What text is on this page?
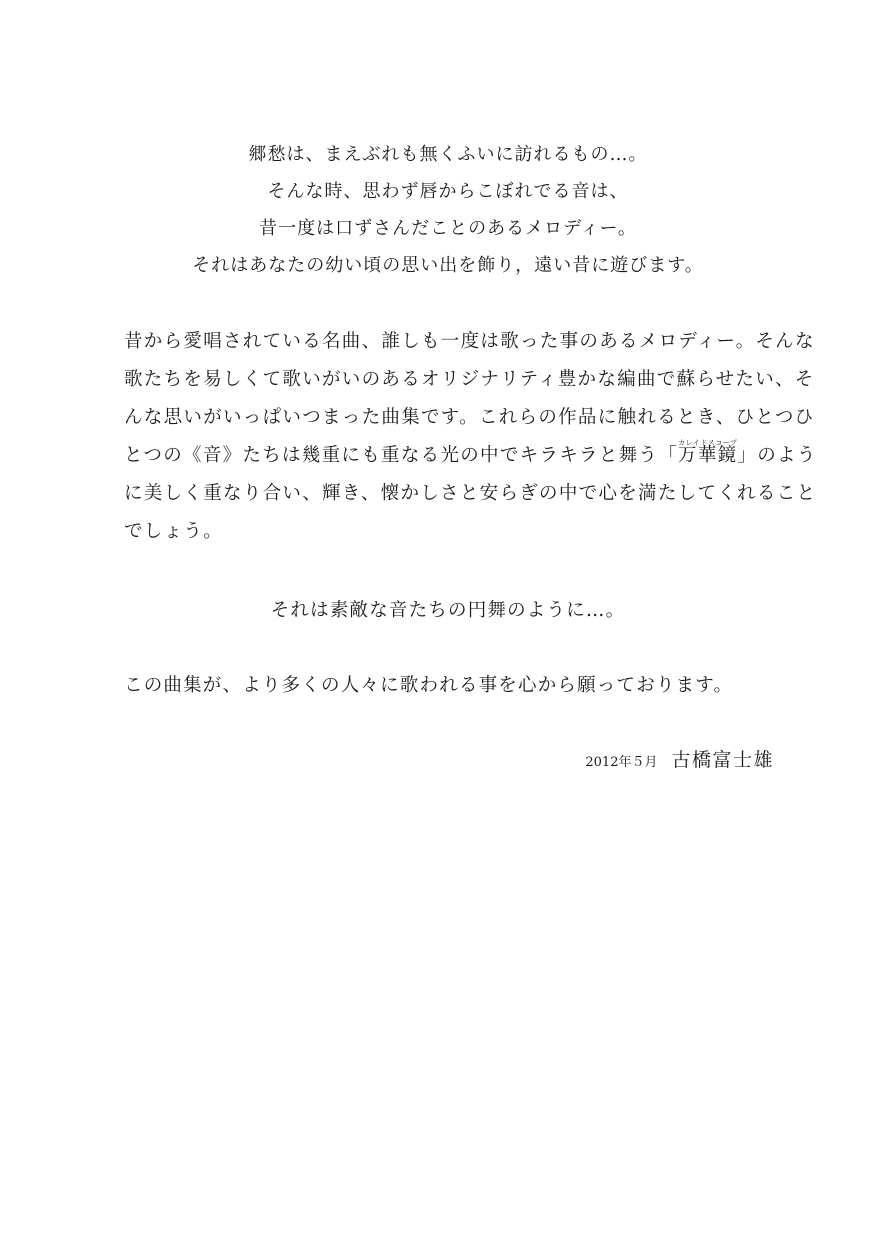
郷愁は、まえぶれも無くふいに訪れるもの…。
そんな時、思わず唇からこぼれでる音は、
昔一度は口ずさんだことのあるメロディー。
それはあなたの幼い頃の思い出を飾り，遠い昔に遊びます。
昔から愛唱されている名曲、誰しも一度は歌った事のあるメロディー。そんな
歌たちを易しくて歌いがいのあるオリジナリティ豊かな編曲で蘇らせたい、そ
んな思いがいっぱいつまった曲集です。これらの作品に触れるとき、ひとつひ
とつの《音》たちは幾重にも重なる光の中でキラキラと舞う「
カレイドスコープ
万華鏡」のよう
に美しく重なり合い、輝き、懐かしさと安らぎの中で心を満たしてくれること
でしょう。
それは素敵な音たちの円舞のように…。
この曲集が、より多くの人々に歌われる事を心から願っております。
2012年５月 古橋富士雄
